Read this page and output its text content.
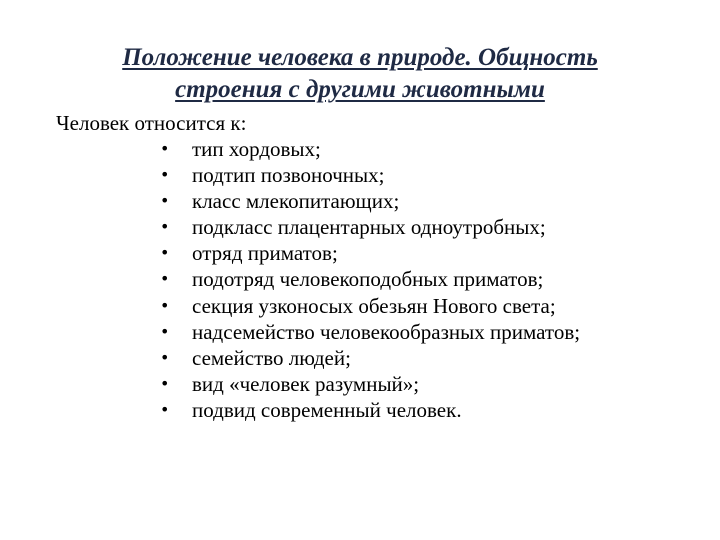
Положение человека в природе. Общность
строения с другими животными
Человек относится к:
• тип хордовых;
• подтип позвоночных;
• класс млекопитающих;
• подкласс плацентарных одноутробных;
• отряд приматов;
• подотряд человекоподобных приматов;
• секция узконосых обезьян Нового света;
• надсемейство человекообразных приматов;
• семейство людей;
• вид «человек разумный»;
• подвид современный человек.
